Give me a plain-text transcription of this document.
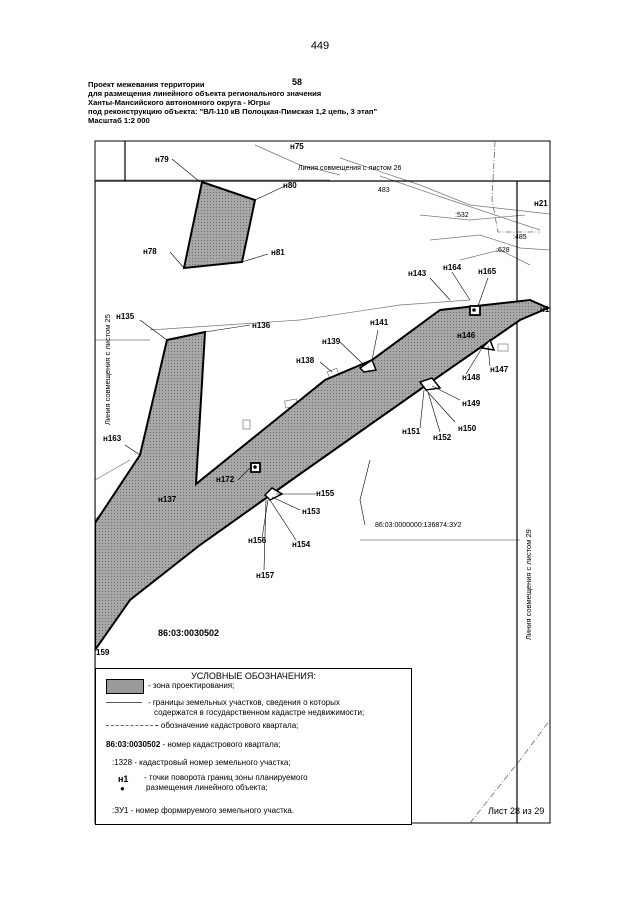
449
58
Проект межевания территории
для размещения линейного объекта регионального значения
Ханты-Мансийского автономного округа - Югры
под реконструкцию объекта: "ВЛ-110 кВ Полоцкая-Пимская 1,2 цепь, 3 этап"
Масштаб 1:2 000
н75
н79
н80
н78	н81
н21
н143
н164 н165
н1
н135
н136	н141
н146
н139
н138
н147
н148
н149
н150
н151
н152
н163
н172
н155
н137
н153
н154
н156
н157
159
483
:532
:485
:628
86:03:0000000:136874:ЗУ2
Линия совмещения с листом 26
86:03:0030502
Линия совмещения с листом 25
Линия совмещения с листом 29
УСЛОВНЫЕ ОБОЗНАЧЕНИЯ:
- зона проектирования;
- границы земельных участков, сведения о которых
содержатся в государственном кадастре недвижимости;
- обозначение кадастрового квартала;
86:03:0030502 - номер кадастрового квартала;
:1328 - кадастровый номер земельного участка;
н1
●
- точки поворота границ зоны планируемого
размещения линейного объекта;
:ЗУ1 - номер формируемого земельного участка.	Лист 28 из 29
